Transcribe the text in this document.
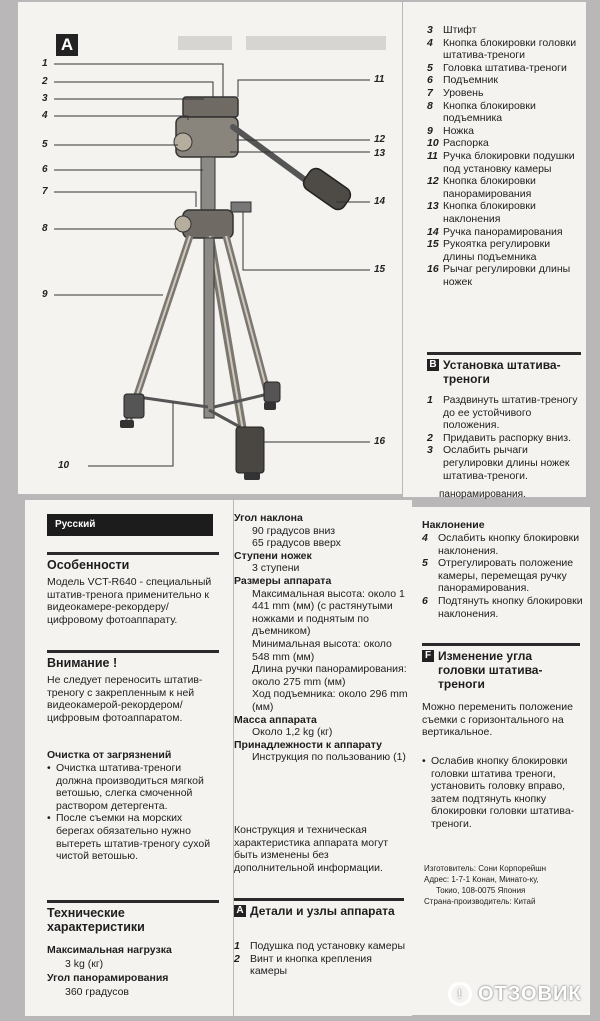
A
1
2
3
4
5
6
7
8
9
10
11
12
13
14
15
16
3 Штифт
4 Кнопка блокировки головки штатива-треноги
5 Головка штатива-треноги
6 Подъемник
7 Уровень
8 Кнопка блокировки подъемника
9 Ножка
10 Распорка
11 Ручка блокировки подушки под установку камеры
12 Кнопка блокировки панорамирования
13 Кнопка блокировки наклонения
14 Ручка панорамирования
15 Рукоятка регулировки длины подъемника
16 Рычаг регулировки длины ножек
B Установка штатива-треноги
1 Раздвинуть штатив-треногу до ее устойчивого положения.
2 Придавить распорку вниз.
3 Ослабить рычаги регулировки длины ножек штатива-треноги.
панорамирования.
Русский
Особенности
Модель VCT-R640 - специальный штатив-тренога применительно к видеокамере-рекордеру/ цифровому фотоаппарату.
Внимание !
Не следует переносить штатив-треногу с закрепленным к ней видеокамерой-рекордером/ цифровым фотоаппаратом.
Очистка от загрязнений
• Очистка штатива-треноги должна производиться мягкой ветошью, слегка смоченной раствором детергента.
• После съемки на морских берегах обязательно нужно вытереть штатив-треногу сухой чистой ветошью.
Технические характеристики
Максимальная нагрузка
3 kg (кг)
Угол панорамирования
360 градусов
Угол наклона
90 градусов вниз
65 градусов вверх
Ступени ножек
3 ступени
Размеры аппарата
Максимальная высота: около 1 441 mm (мм) (с растянутыми ножками и поднятым по дъемником)
Минимальная высота: около 548 mm (мм)
Длина ручки панорамирования: около 275 mm (мм)
Ход подъемника: около 296 mm (мм)
Масса аппарата
Около 1,2 kg (кг)
Принадлежности к аппарату
Инструкция по пользованию (1)
Конструкция и техническая характеристика аппарата могут быть изменены без дополнительной информации.
A Детали и узлы аппарата
1 Подушка под установку камеры
2 Винт и кнопка крепления камеры
Наклонение
4 Ослабить кнопку блокировки наклонения.
5 Отрегулировать положение камеры, перемещая ручку панорамирования.
6 Подтянуть кнопку блокировки наклонения.
F Изменение угла головки штатива-треноги
Можно переменить положение съемки с горизонтального на вертикальное.
• Ослабив кнопку блокировки головки штатива треноги, установить головку вправо, затем подтянуть кнопку блокировки головки штатива-треноги.
Изготовитель: Сони Корпорейшн
Адрес: 1-7-1 Конан, Минато-ку,
Токио, 108-0075 Япония
Страна-производитель: Китай
! ОТЗОВИК
